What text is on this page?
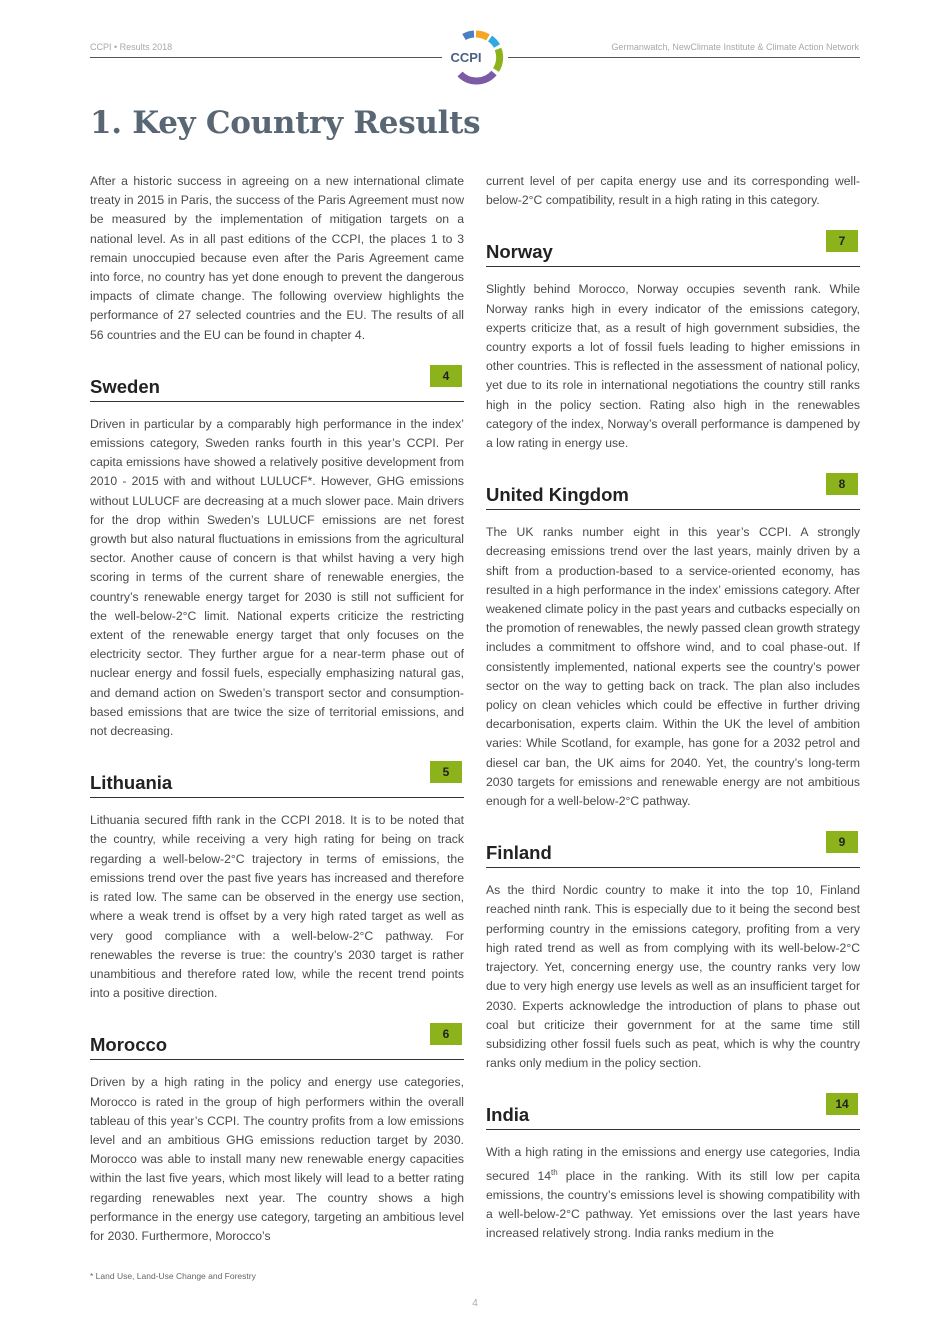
CCPI • Results 2018	Germanwatch, NewClimate Institute & Climate Action Network
CCPI
1. Key Country Results

After a historic success in agreeing on a new international climate treaty in 2015 in Paris, the success of the Paris Agreement must now be measured by the implementation of mitigation targets on a national level. As in all past editions of the CCPI, the places 1 to 3 remain unoccupied because even after the Paris Agreement came into force, no country has yet done enough to prevent the dangerous impacts of climate change. The following overview highlights the performance of 27 selected countries and the EU. The results of all 56 countries and the EU can be found in chapter 4.

Sweden	4

Driven in particular by a comparably high performance in the index’ emissions category, Sweden ranks fourth in this year’s CCPI. Per capita emissions have showed a relatively positive development from 2010 - 2015 with and without LULUCF*. However, GHG emissions without LULUCF are decreasing at a much slower pace. Main drivers for the drop within Sweden’s LULUCF emissions are net forest growth but also natural fluctuations in emissions from the agricultural sector. Another cause of concern is that whilst having a very high scoring in terms of the current share of renewable energies, the country’s renewable energy target for 2030 is still not sufficient for the well-below-2°C limit. National experts criticize the restricting extent of the renewable energy target that only focuses on the electricity sector. They further argue for a near-term phase out of nuclear energy and fossil fuels, especially emphasizing natural gas, and demand action on Sweden’s transport sector and consumption-based emissions that are twice the size of territorial emissions, and not decreasing.

Lithuania	5

Lithuania secured fifth rank in the CCPI 2018. It is to be noted that the country, while receiving a very high rating for being on track regarding a well-below-2°C trajectory in terms of emissions, the emissions trend over the past five years has increased and therefore is rated low. The same can be observed in the energy use section, where a weak trend is offset by a very high rated target as well as very good compliance with a well-below-2°C pathway. For renewables the reverse is true: the country’s 2030 target is rather unambitious and therefore rated low, while the recent trend points into a positive direction.

Morocco	6

Driven by a high rating in the policy and energy use categories, Morocco is rated in the group of high performers within the overall tableau of this year’s CCPI. The country profits from a low emissions level and an ambitious GHG emissions reduction target by 2030. Morocco was able to install many new renewable energy capacities within the last five years, which most likely will lead to a better rating regarding renewables next year. The country shows a high performance in the energy use category, targeting an ambitious level for 2030. Furthermore, Morocco’s

current level of per capita energy use and its corresponding well-below-2°C compatibility, result in a high rating in this category.

Norway	7

Slightly behind Morocco, Norway occupies seventh rank. While Norway ranks high in every indicator of the emissions category, experts criticize that, as a result of high government subsidies, the country exports a lot of fossil fuels leading to higher emissions in other countries. This is reflected in the assessment of national policy, yet due to its role in international negotiations the country still ranks high in the policy section. Rating also high in the renewables category of the index, Norway’s overall performance is dampened by a low rating in energy use.

United Kingdom	8

The UK ranks number eight in this year’s CCPI. A strongly decreasing emissions trend over the last years, mainly driven by a shift from a production-based to a service-oriented economy, has resulted in a high performance in the index’ emissions category. After weakened climate policy in the past years and cutbacks especially on the promotion of renewables, the newly passed clean growth strategy includes a commitment to offshore wind, and to coal phase-out. If consistently implemented, national experts see the country’s power sector on the way to getting back on track. The plan also includes policy on clean vehicles which could be effective in further driving decarbonisation, experts claim. Within the UK the level of ambition varies: While Scotland, for example, has gone for a 2032 petrol and diesel car ban, the UK aims for 2040. Yet, the country’s long-term 2030 targets for emissions and renewable energy are not ambitious enough for a well-below-2°C pathway.

Finland	9

As the third Nordic country to make it into the top 10, Finland reached ninth rank. This is especially due to it being the second best performing country in the emissions category, profiting from a very high rated trend as well as from complying with its well-below-2°C trajectory. Yet, concerning energy use, the country ranks very low due to very high energy use levels as well as an insufficient target for 2030. Experts acknowledge the introduction of plans to phase out coal but criticize their government for at the same time still subsidizing other fossil fuels such as peat, which is why the country ranks only medium in the policy section.

India	14

With a high rating in the emissions and energy use categories, India secured 14th place in the ranking. With its still low per capita emissions, the country’s emissions level is showing compatibility with a well-below-2°C pathway. Yet emissions over the last years have increased relatively strong. India ranks medium in the

* Land Use, Land-Use Change and Forestry
4
